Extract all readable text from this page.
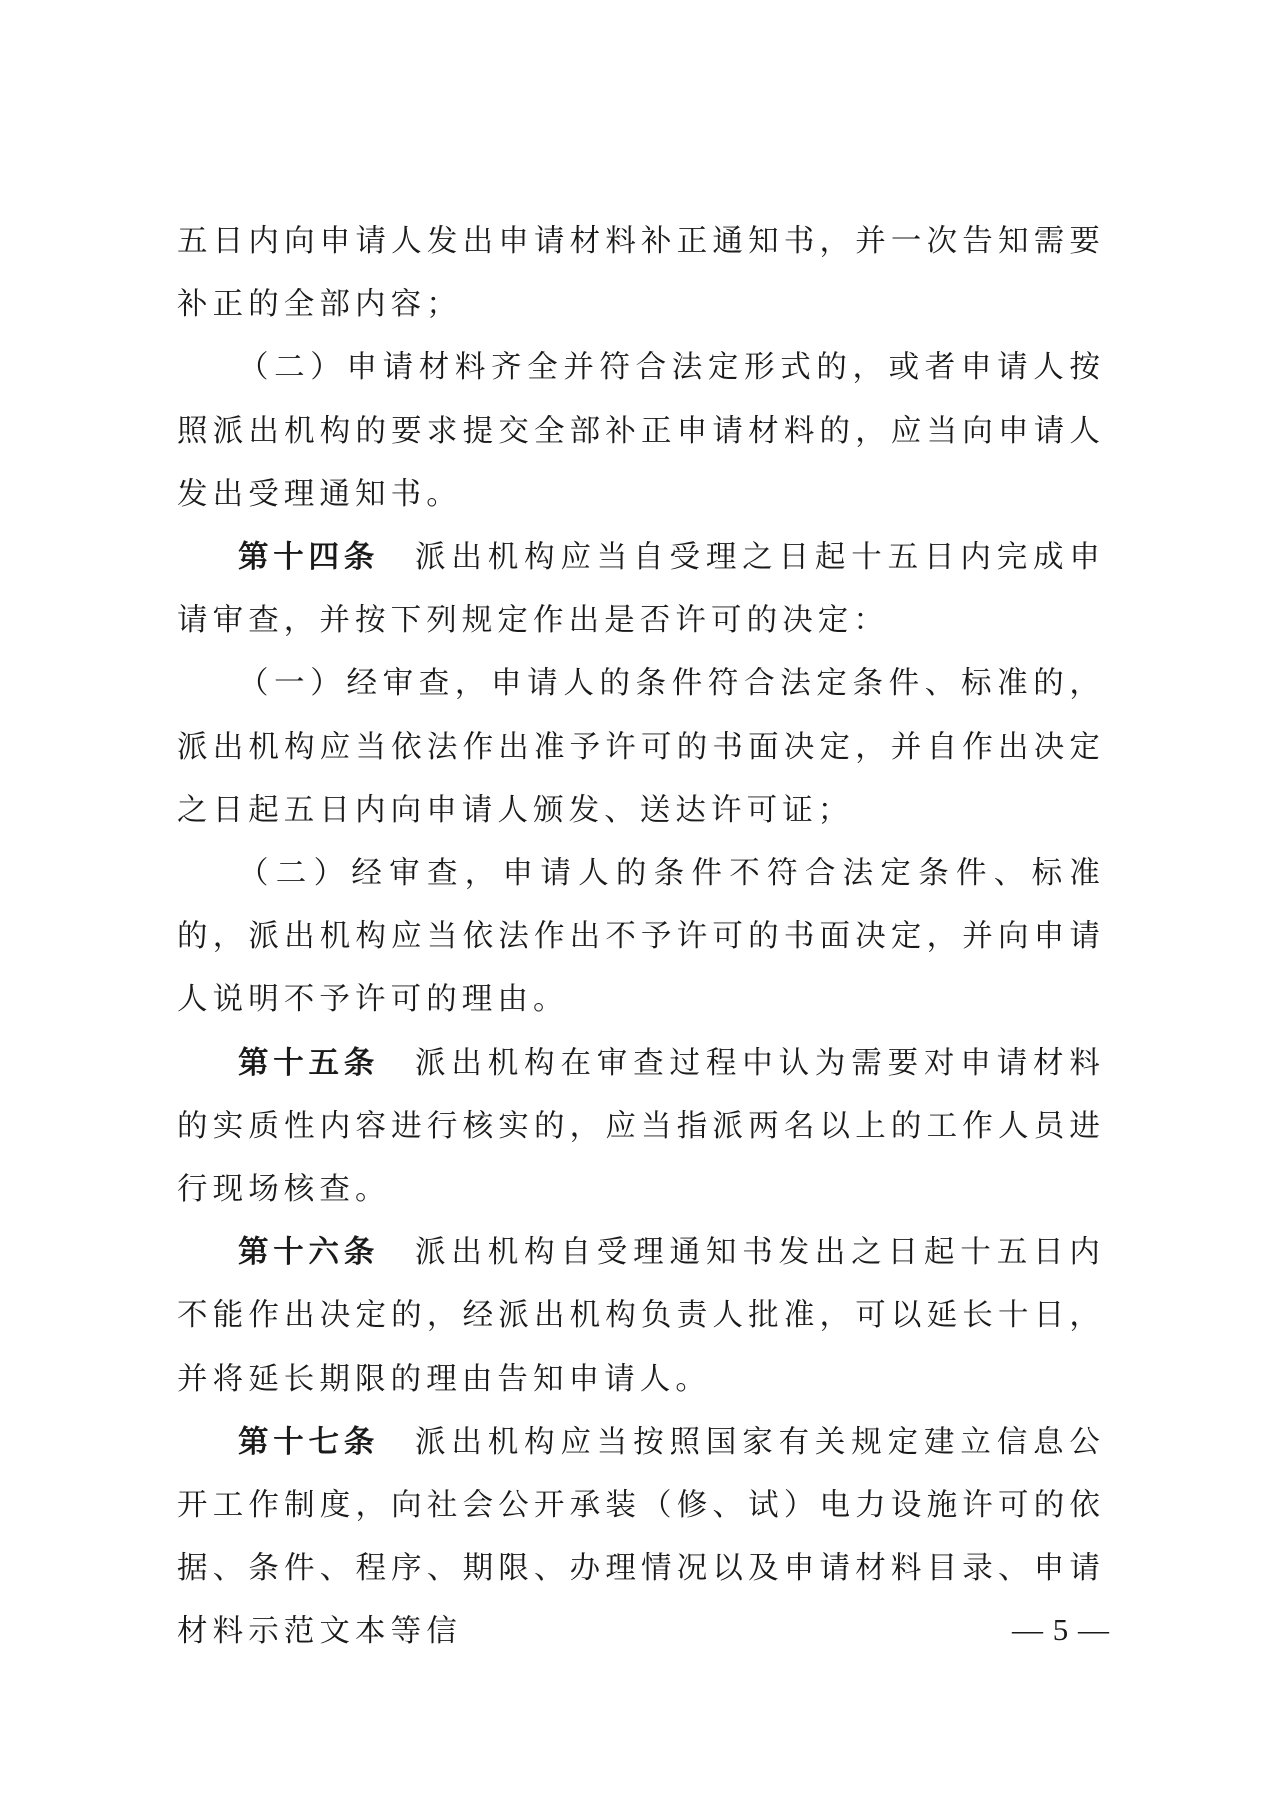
五日内向申请人发出申请材料补正通知书，并一次告知需要补正的全部内容；

（二）申请材料齐全并符合法定形式的，或者申请人按照派出机构的要求提交全部补正申请材料的，应当向申请人发出受理通知书。

第十四条 派出机构应当自受理之日起十五日内完成申请审查，并按下列规定作出是否许可的决定：

（一）经审查，申请人的条件符合法定条件、标准的，派出机构应当依法作出准予许可的书面决定，并自作出决定之日起五日内向申请人颁发、送达许可证；

（二）经审查，申请人的条件不符合法定条件、标准的，派出机构应当依法作出不予许可的书面决定，并向申请人说明不予许可的理由。

第十五条 派出机构在审查过程中认为需要对申请材料的实质性内容进行核实的，应当指派两名以上的工作人员进行现场核查。

第十六条 派出机构自受理通知书发出之日起十五日内不能作出决定的，经派出机构负责人批准，可以延长十日，并将延长期限的理由告知申请人。

第十七条 派出机构应当按照国家有关规定建立信息公开工作制度，向社会公开承装（修、试）电力设施许可的依据、条件、程序、期限、办理情况以及申请材料目录、申请材料示范文本等信	— 5 —
